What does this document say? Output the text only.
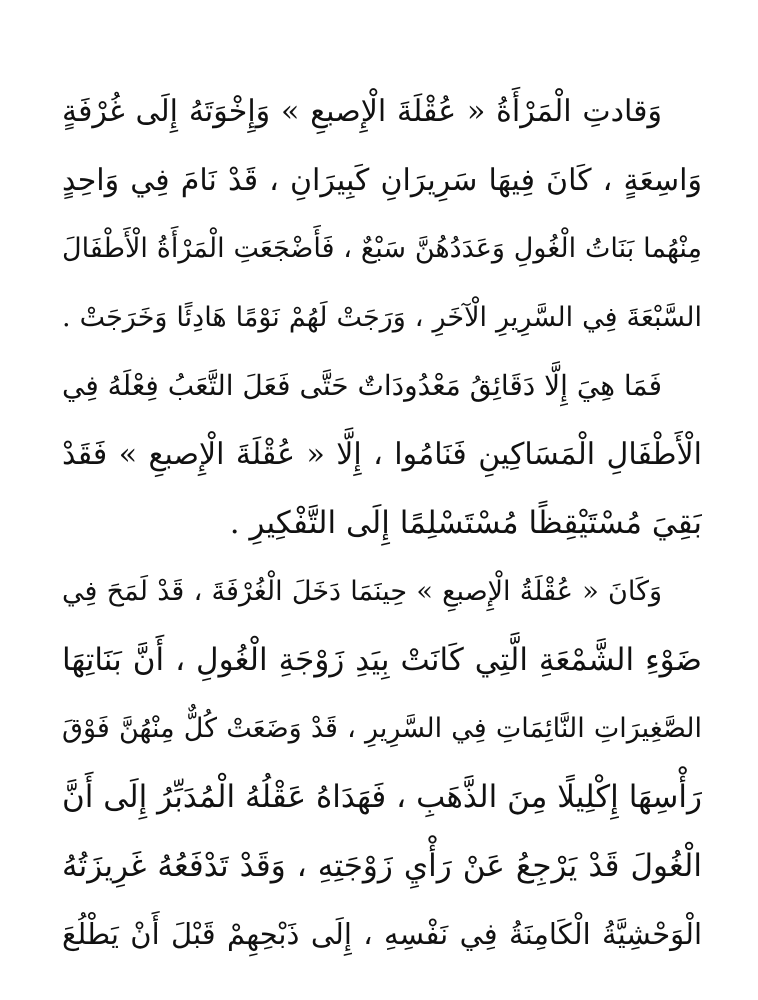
وَقادتِ الْمَرْأَةُ « عُقْلَةَ الْإِصبعِ » وَإِخْوَتَهُ إِلَى غُرْفَةٍ
وَاسِعَةٍ ، كَانَ فِيهَا سَرِيرَانِ كَبِيرَانِ ، قَدْ نَامَ فِي وَاحِدٍ
مِنْهُما بَنَاتُ الْغُولِ وَعَدَدُهُنَّ سَبْعٌ ، فَأَضْجَعَتِ الْمَرْأَةُ الْأَطْفَالَ
السَّبْعَةَ فِي السَّرِيرِ الْآخَرِ ، وَرَجَتْ لَهُمْ نَوْمًا هَادِئًا وَخَرَجَتْ .
فَمَا هِيَ إِلَّا دَقَائِقُ مَعْدُودَاتٌ حَتَّى فَعَلَ التَّعَبُ فِعْلَهُ فِي
الْأَطْفَالِ الْمَسَاكِينِ فَنَامُوا ، إِلَّا « عُقْلَةَ الْإِصبعِ » فَقَدْ
بَقِيَ مُسْتَيْقِظًا مُسْتَسْلِمًا إِلَى التَّفْكِيرِ .
وَكَانَ « عُقْلَةُ الْإِصبعِ » حِينَمَا دَخَلَ الْغُرْفَةَ ، قَدْ لَمَحَ فِي
ضَوْءِ الشَّمْعَةِ الَّتِي كَانَتْ بِيَدِ زَوْجَةِ الْغُولِ ، أَنَّ بَنَاتِهَا
الصَّغِيرَاتِ النَّائِمَاتِ فِي السَّرِيرِ ، قَدْ وَضَعَتْ كُلٌّ مِنْهُنَّ فَوْقَ
رَأْسِهَا إِكْلِيلًا مِنَ الذَّهَبِ ، فَهَدَاهُ عَقْلُهُ الْمُدَبِّرُ إِلَى أَنَّ
الْغُولَ قَدْ يَرْجِعُ عَنْ رَأْيِ زَوْجَتِهِ ، وَقَدْ تَدْفَعُهُ غَرِيزَتُهُ
الْوَحْشِيَّةُ الْكَامِنَةُ فِي نَفْسِهِ ، إِلَى ذَبْحِهِمْ قَبْلَ أَنْ يَطْلُعَ
